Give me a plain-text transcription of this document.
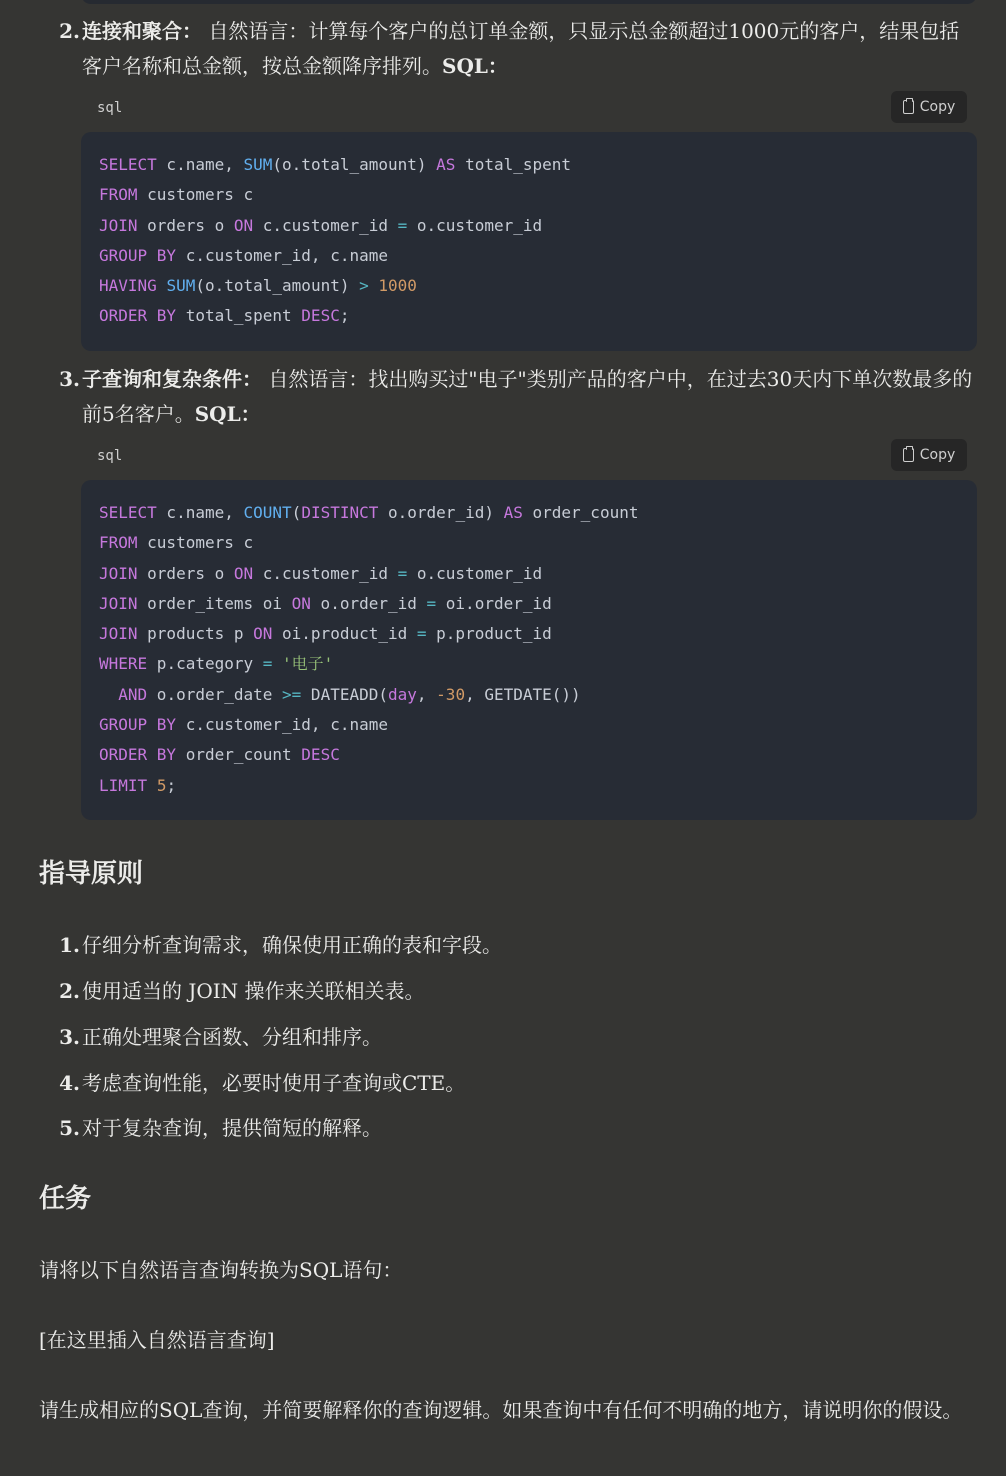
2. 连接和聚合： 自然语言：计算每个客户的总订单金额，只显示总金额超过1000元的客户，结果包括客户名称和总金额，按总金额降序排列。SQL：
sql	Copy
SELECT c.name, SUM(o.total_amount) AS total_spent
FROM customers c
JOIN orders o ON c.customer_id = o.customer_id
GROUP BY c.customer_id, c.name
HAVING SUM(o.total_amount) > 1000
ORDER BY total_spent DESC;
3. 子查询和复杂条件： 自然语言：找出购买过"电子"类别产品的客户中，在过去30天内下单次数最多的前5名客户。SQL：
sql	Copy
SELECT c.name, COUNT(DISTINCT o.order_id) AS order_count
FROM customers c
JOIN orders o ON c.customer_id = o.customer_id
JOIN order_items oi ON o.order_id = oi.order_id
JOIN products p ON oi.product_id = p.product_id
WHERE p.category = '电子'
AND o.order_date >= DATEADD(day, -30, GETDATE())
GROUP BY c.customer_id, c.name
ORDER BY order_count DESC
LIMIT 5;
指导原则
1. 仔细分析查询需求，确保使用正确的表和字段。
2. 使用适当的 JOIN 操作来关联相关表。
3. 正确处理聚合函数、分组和排序。
4. 考虑查询性能，必要时使用子查询或CTE。
5. 对于复杂查询，提供简短的解释。
任务

请将以下自然语言查询转换为SQL语句：

[在这里插入自然语言查询]

请生成相应的SQL查询，并简要解释你的查询逻辑。如果查询中有任何不明确的地方，请说明你的假设。
